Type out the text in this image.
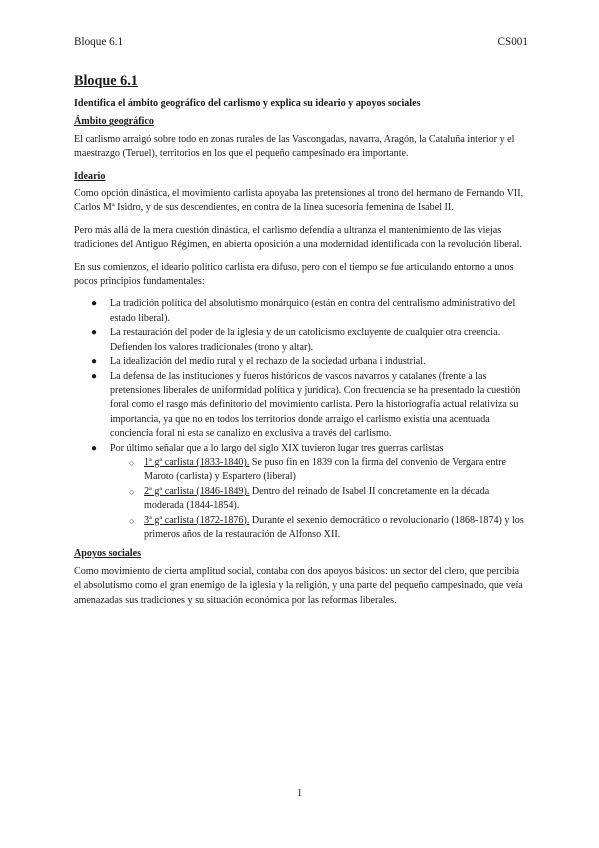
Bloque 6.1	CS001
Bloque 6.1
Identifica el ámbito geográfico del carlismo y explica su ideario y apoyos sociales
Ámbito geográfico

El carlismo arraigó sobre todo en zonas rurales de las Vascongadas, navarra, Aragón, la Cataluña interior y el maestrazgo (Teruel), territorios en los que el pequeño campesinado era importante.

Ideario

Como opción dinástica, el movimiento carlista apoyaba las pretensiones al trono del hermano de Fernando VII, Carlos Mª Isidro, y de sus descendientes, en contra de la línea sucesoria femenina de Isabel II.

Pero más allá de la mera cuestión dinástica, el carlismo defendía a ultranza el mantenimiento de las viejas tradiciones del Antiguo Régimen, en abierta oposición a una modernidad identificada con la revolución liberal.

En sus comienzos, el ideario político carlista era difuso, pero con el tiempo se fue articulando entorno a unos pocos principios fundamentales:

● La tradición política del absolutismo monárquico (están en contra del centralismo administrativo del estado liberal).
● La restauración del poder de la iglesia y de un catolicismo excluyente de cualquier otra creencia. Defienden los valores tradicionales (trono y altar).
● La idealización del medio rural y el rechazo de la sociedad urbana i industrial.
● La defensa de las instituciones y fueros históricos de vascos navarros y catalanes (frente a las pretensiones liberales de uniformidad política y jurídica). Con frecuencia se ha presentado la cuestión foral como el rasgo más definitorio del movimiento carlista. Pero la historiografía actual relativiza su importancia, ya que no en todos los territorios donde arraigo el carlismo existía una acentuada conciencia foral ni esta se canalizo en exclusiva a través del carlismo.
● Por último señalar que a lo largo del siglo XIX tuvieron lugar tres guerras carlistas
○ 1ª gª carlista (1833-1840). Se puso fin en 1839 con la firma del convenio de Vergara entre Maroto (carlista) y Espartero (liberal)
○ 2ª gª carlista (1846-1849). Dentro del reinado de Isabel II concretamente en la década moderada (1844-1854).
○ 3ª gª carlista (1872-1876). Durante el sexenio democrático o revolucionario (1868-1874) y los primeros años de la restauración de Alfonso XII.
Apoyos sociales

Como movimiento de cierta amplitud social, contaba con dos apoyos básicos: un sector del clero, que percibía el absolutismo como el gran enemigo de la iglesia y la religión, y una parte del pequeño campesinado, que veía amenazadas sus tradiciones y su situación económica por las reformas liberales.

1
